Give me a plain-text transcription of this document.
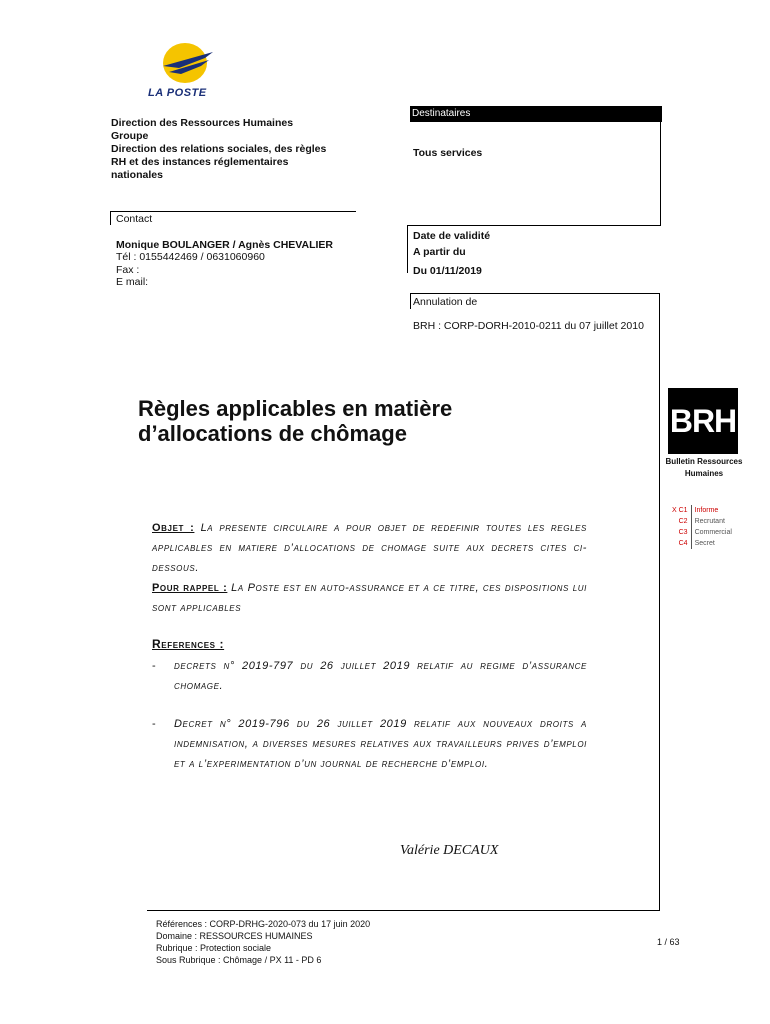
LA POSTE
Direction des Ressources Humaines
Groupe
Direction des relations sociales, des règles
RH et des instances réglementaires
nationales
Destinataires
Tous services
Contact
Monique BOULANGER / Agnès CHEVALIER
Tél : 0155442469 / 0631060960
Fax :
E mail:
Date de validité
A partir du
Du 01/11/2019
Annulation de
BRH : CORP-DORH-2010-0211 du 07 juillet 2010
Règles applicables en matière
d’allocations de chômage	BRH
Bulletin Ressources
Humaines
X C1	Informe
C2	Recrutant
C3	Commercial
C4	Secret
Objet : La presente circulaire a pour objet de redefinir toutes les regles applicables en matiere d’allocations de chomage suite aux decrets cites ci-dessous.
Pour rappel : La Poste est en auto-assurance et a ce titre, ces dispositions lui sont applicables
References :
-	decrets n° 2019-797 du 26 juillet 2019 relatif au regime d’assurance chomage.
-	Decret n° 2019-796 du 26 juillet 2019 relatif aux nouveaux droits a indemnisation, a diverses mesures relatives aux travailleurs prives d’emploi et a l’experimentation d’un journal de recherche d’emploi.
Valérie DECAUX
Références : CORP-DRHG-2020-073 du 17 juin 2020
Domaine : RESSOURCES HUMAINES
Rubrique : Protection sociale
Sous Rubrique : Chômage / PX 11 - PD 6
1 / 63
